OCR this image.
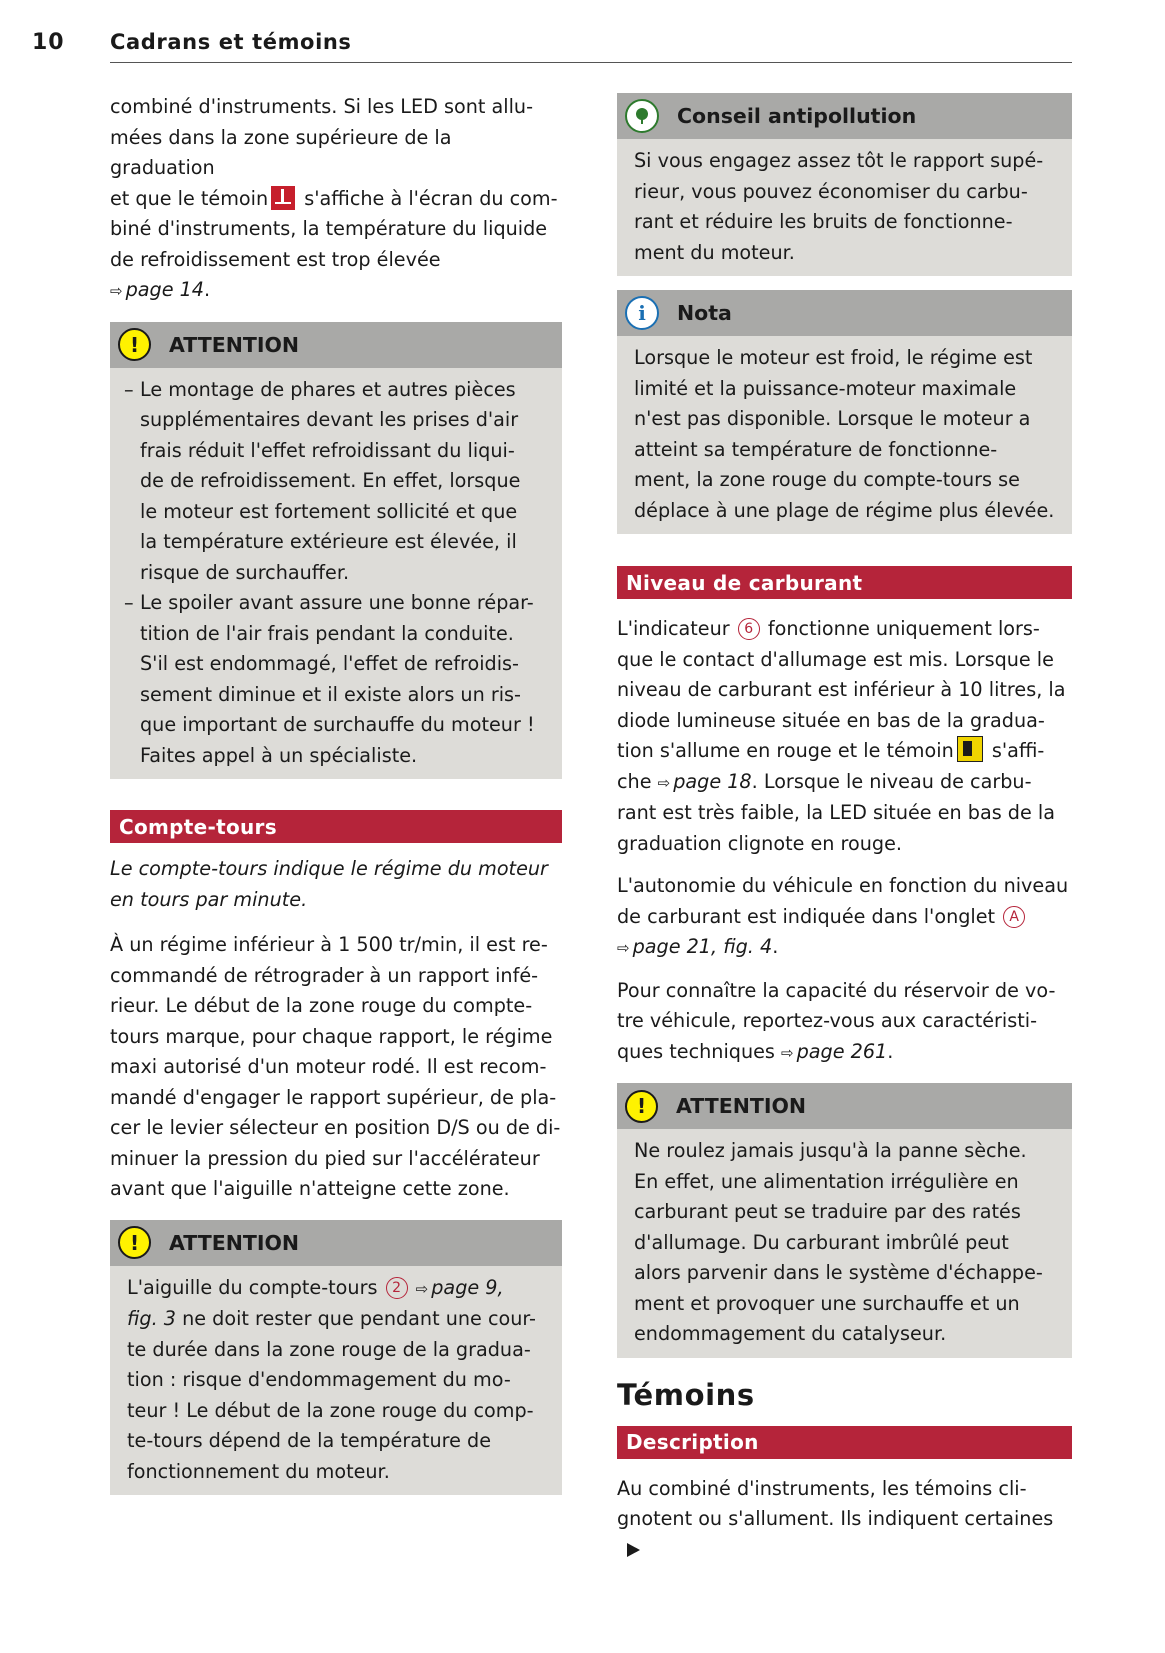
10 Cadrans et témoins

combiné d'instruments. Si les LED sont allu-
mées dans la zone supérieure de la graduation
et que le témoin s'affiche à l'écran du com-
biné d'instruments, la température du liquide
de refroidissement est trop élevée
⇨ page 14.

!	ATTENTION
– Le montage de phares et autres pièces
supplémentaires devant les prises d'air
frais réduit l'effet refroidissant du liqui-
de de refroidissement. En effet, lorsque
le moteur est fortement sollicité et que
la température extérieure est élevée, il
risque de surchauffer.
– Le spoiler avant assure une bonne répar-
tition de l'air frais pendant la conduite.
S'il est endommagé, l'effet de refroidis-
sement diminue et il existe alors un ris-
que important de surchauffe du moteur !
Faites appel à un spécialiste.
Compte-tours

Le compte-tours indique le régime du moteur
en tours par minute.

À un régime inférieur à 1 500 tr/min, il est re-
commandé de rétrograder à un rapport infé-
rieur. Le début de la zone rouge du compte-
tours marque, pour chaque rapport, le régime
maxi autorisé d'un moteur rodé. Il est recom-
mandé d'engager le rapport supérieur, de pla-
cer le levier sélecteur en position D/S ou de di-
minuer la pression du pied sur l'accélérateur
avant que l'aiguille n'atteigne cette zone.

!	ATTENTION

L'aiguille du compte-tours 2 ⇨ page 9,
fig. 3 ne doit rester que pendant une cour-
te durée dans la zone rouge de la gradua-
tion : risque d'endommagement du mo-
teur ! Le début de la zone rouge du comp-
te-tours dépend de la température de
fonctionnement du moteur.

Conseil antipollution

Si vous engagez assez tôt le rapport supé-
rieur, vous pouvez économiser du carbu-
rant et réduire les bruits de fonctionne-
ment du moteur.

i	Nota

Lorsque le moteur est froid, le régime est
limité et la puissance-moteur maximale
n'est pas disponible. Lorsque le moteur a
atteint sa température de fonctionne-
ment, la zone rouge du compte-tours se
déplace à une plage de régime plus élevée.

Niveau de carburant

L'indicateur 6 fonctionne uniquement lors-
que le contact d'allumage est mis. Lorsque le
niveau de carburant est inférieur à 10 litres, la
diode lumineuse située en bas de la gradua-
tion s'allume en rouge et le témoin s'affi-
che ⇨ page 18. Lorsque le niveau de carbu-
rant est très faible, la LED située en bas de la
graduation clignote en rouge.

L'autonomie du véhicule en fonction du niveau
de carburant est indiquée dans l'onglet A
⇨ page 21, fig. 4.

Pour connaître la capacité du réservoir de vo-
tre véhicule, reportez-vous aux caractéristi-
ques techniques ⇨ page 261.

!	ATTENTION

Ne roulez jamais jusqu'à la panne sèche.
En effet, une alimentation irrégulière en
carburant peut se traduire par des ratés
d'allumage. Du carburant imbrûlé peut
alors parvenir dans le système d'échappe-
ment et provoquer une surchauffe et un
endommagement du catalyseur.

Témoins
Description

Au combiné d'instruments, les témoins cli-
gnotent ou s'allument. Ils indiquent certaines
